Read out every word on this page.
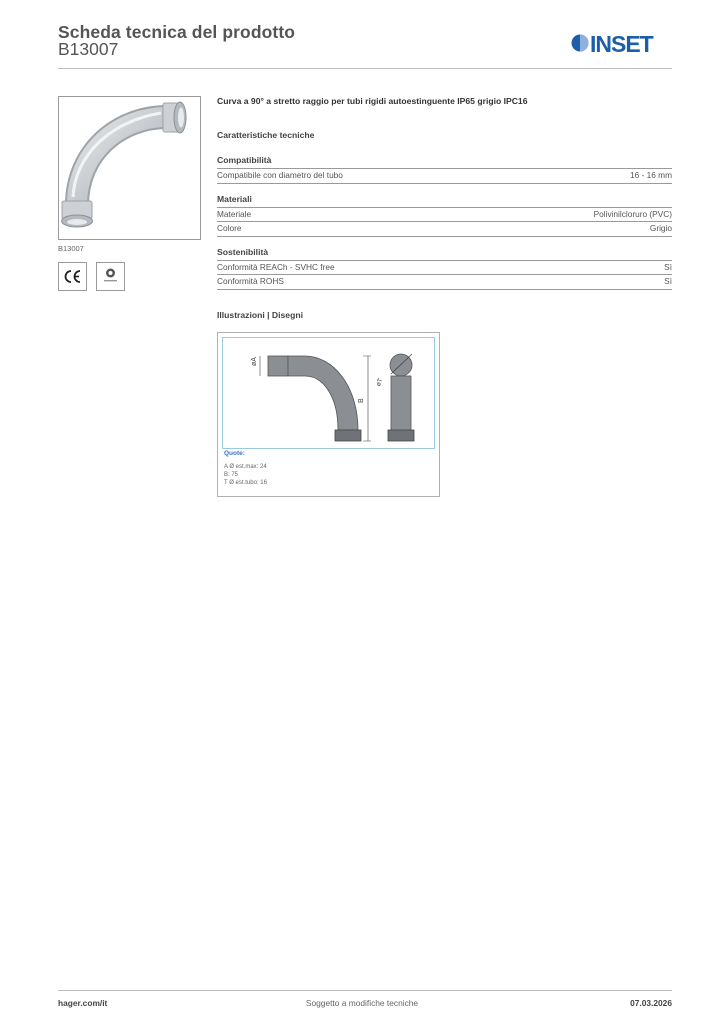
Scheda tecnica del prodotto
B13007	INSET
B13007
Curva a 90° a stretto raggio per tubi rigidi autoestinguente IP65 grigio IPC16
Caratteristiche tecniche
Compatibilità
Compatibile con diametro del tubo	16 - 16 mm
Materiali
Materiale	Polivinilcloruro (PVC)
Colore	Grigio
Sostenibilità
Conformità REACh - SVHC free	Sì
Conformità ROHS	Sì
Illustrazioni | Disegni
øA
B
øT
Quote:
A Ø est.max: 24
B: 75
T Ø est.tubo: 16
hager.com/it	Soggetto a modifiche tecniche	07.03.2026
